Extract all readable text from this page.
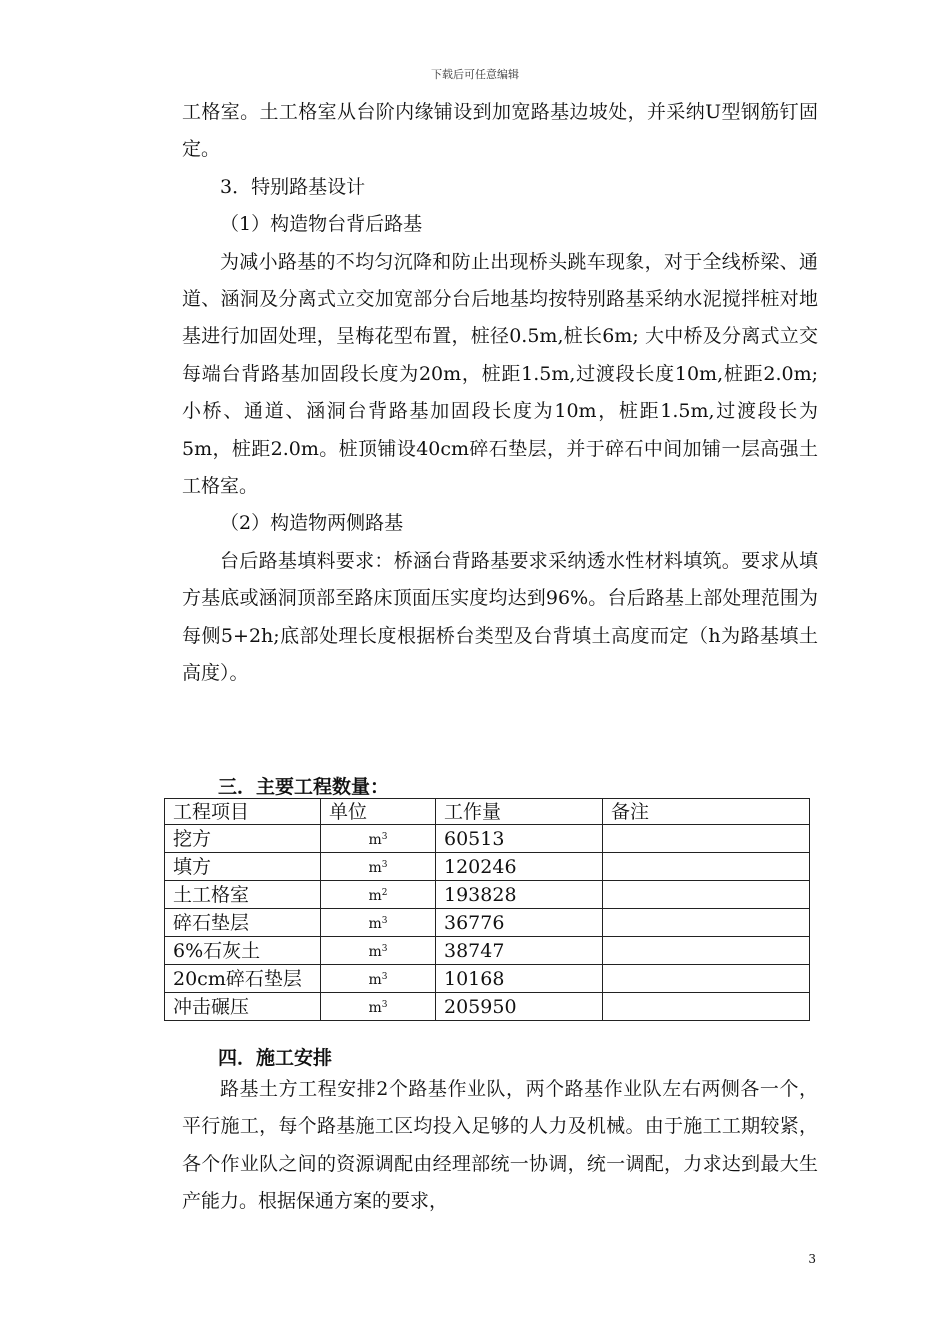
下载后可任意编辑

工格室。土工格室从台阶内缘铺设到加宽路基边坡处，并采纳U型钢筋钉固定。

3．特别路基设计

（1）构造物台背后路基

为减小路基的不均匀沉降和防止出现桥头跳车现象，对于全线桥梁、通道、涵洞及分离式立交加宽部分台后地基均按特别路基采纳水泥搅拌桩对地基进行加固处理，呈梅花型布置，桩径0.5m,桩长6m; 大中桥及分离式立交每端台背路基加固段长度为20m，桩距1.5m,过渡段长度10m,桩距2.0m;小桥、通道、涵洞台背路基加固段长度为10m，桩距1.5m,过渡段长为5m，桩距2.0m。桩顶铺设40cm碎石垫层，并于碎石中间加铺一层高强土工格室。

（2）构造物两侧路基

台后路基填料要求：桥涵台背路基要求采纳透水性材料填筑。要求从填方基底或涵洞顶部至路床顶面压实度均达到96%。台后路基上部处理范围为每侧5+2h;底部处理长度根据桥台类型及台背填土高度而定（h为路基填土高度）。

三．主要工程数量：
工程项目	单位	工作量	备注
挖方	$m^3$	60513	
填方	$m^3$	120246	
土工格室	$m^2$	193828	
碎石垫层	$m^3$	36776	
6%石灰土	$m^3$	38747	
20cm碎石垫层	$m^3$	10168	
冲击碾压	$m^3$	205950	
四．施工安排

路基土方工程安排2个路基作业队，两个路基作业队左右两侧各一个，平行施工，每个路基施工区均投入足够的人力及机械。由于施工工期较紧，各个作业队之间的资源调配由经理部统一协调，统一调配，力求达到最大生产能力。根据保通方案的要求，

3
